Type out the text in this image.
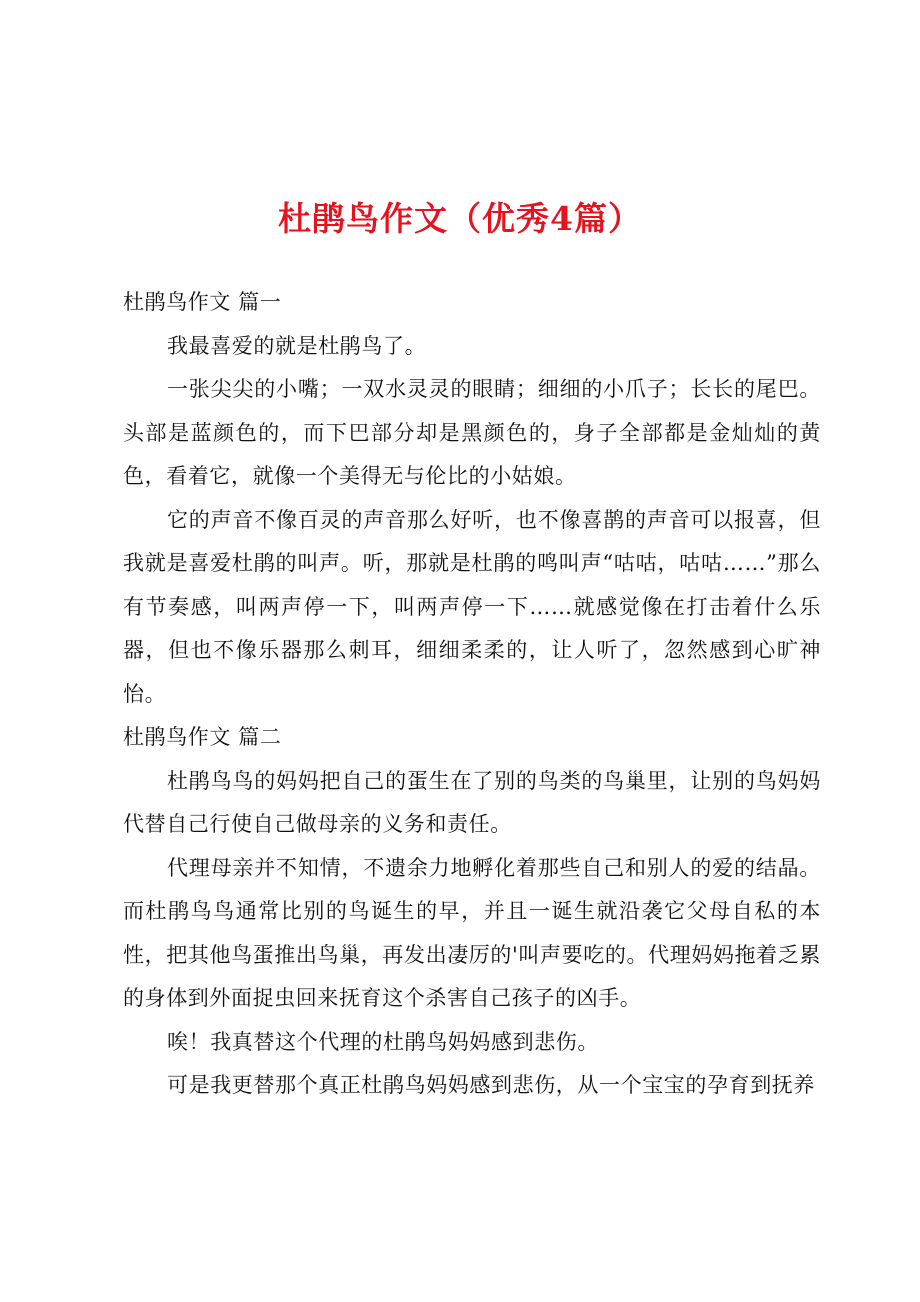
杜鹃鸟作文（优秀4篇）

杜鹃鸟作文 篇一

我最喜爱的就是杜鹃鸟了。

一张尖尖的小嘴；一双水灵灵的眼睛；细细的小爪子；长长的尾巴。头部是蓝颜色的，而下巴部分却是黑颜色的，身子全部都是金灿灿的黄色，看着它，就像一个美得无与伦比的小姑娘。

它的声音不像百灵的声音那么好听，也不像喜鹊的声音可以报喜，但我就是喜爱杜鹃的叫声。听，那就是杜鹃的鸣叫声“咕咕，咕咕……”那么有节奏感，叫两声停一下，叫两声停一下……就感觉像在打击着什么乐器，但也不像乐器那么刺耳，细细柔柔的，让人听了，忽然感到心旷神怡。

杜鹃鸟作文 篇二

杜鹃鸟鸟的妈妈把自己的蛋生在了别的鸟类的鸟巢里，让别的鸟妈妈代替自己行使自己做母亲的义务和责任。

代理母亲并不知情，不遗余力地孵化着那些自己和别人的爱的结晶。而杜鹃鸟鸟通常比别的鸟诞生的早，并且一诞生就沿袭它父母自私的本性，把其他鸟蛋推出鸟巢，再发出凄厉的'叫声要吃的。代理妈妈拖着乏累的身体到外面捉虫回来抚育这个杀害自己孩子的凶手。

唉！我真替这个代理的杜鹃鸟妈妈感到悲伤。

可是我更替那个真正杜鹃鸟妈妈感到悲伤，从一个宝宝的孕育到抚养
